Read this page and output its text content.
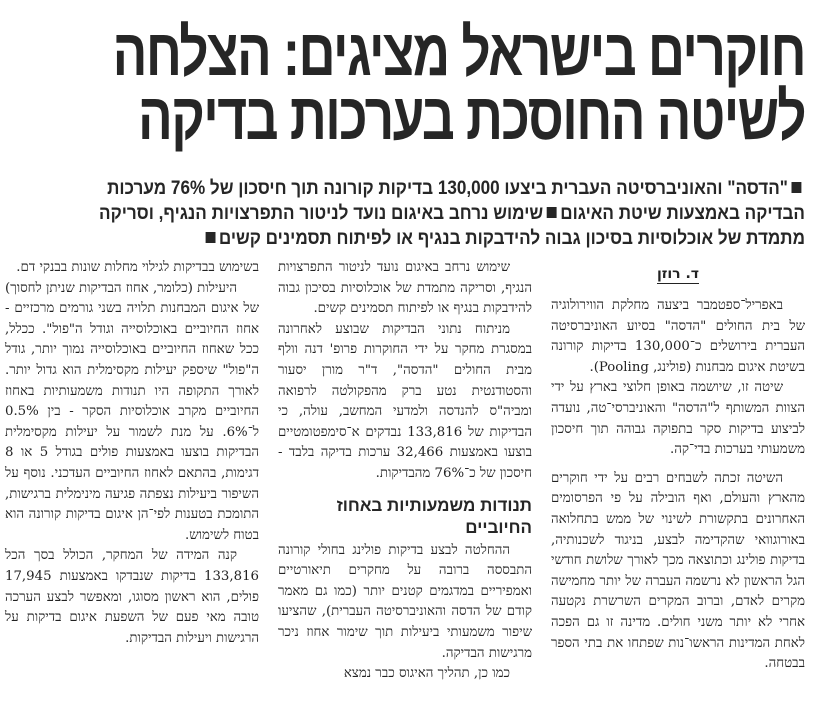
חוקרים בישראל מציגים: הצלחה
לשיטה החוסכת בערכות בדיקה
"הדסה" והאוניברסיטה העברית ביצעו 130,000 בדיקות קורונה תוך חיסכון של 76% מערכות
הבדיקה באמצעות שיטת האיגוםשימוש נרחב באיגום נועד לניטור התפרצויות הנגיף, וסריקה
מתמדת של אוכלוסיות בסיכון גבוה להידבקות בנגיף או לפיתוח תסמינים קשים
ד. רוזן

באפריל־ספטמבר ביצעה מחלקת הווירולוגיה של בית החולים "הדסה" בסיוע האוניברסיטה העברית בירושלים כ־130,000 בדיקות קורונה בשיטת איגום מבחנות (פולינג, Pooling).

שיטה זו, שיושמה באופן חלוצי בארץ על ידי הצוות המשותף ל"הדסה" והאוניברסי־טה, נועדה לביצוע בדיקות סקר בתפוקה גבוהה תוך חיסכון משמעותי בערכות בדי־קה.

השיטה זכתה לשבחים רבים על ידי חוקרים מהארץ והעולם, ואף הובילה על פי הפרסומים האחרונים בתקשורת לשינוי של ממש בתחלואה באורוגוואי שהקדימה לבצע, בניגוד לשכנותיה, בדיקות פולינג וכתוצאה מכך לאורך שלושת חודשי הגל הראשון לא נרשמה העברה של יותר מחמישה מקרים לאדם, וברוב המקרים השרשרת נקטעה אחרי לא יותר משני חולים. מדינה זו גם הפכה לאחת המדינות הראשו־נות שפתחו את בתי הספר בבטחה.

שימוש נרחב באיגום נועד לניטור התפרצויות הנגיף, וסריקה מתמדת של אוכלוסיות בסיכון גבוה להידבקות בנגיף או לפיתוח תסמינים קשים.

מניתוח נתוני הבדיקות שבוצע לאחרונה במסגרת מחקר על ידי החוקרות פרופ' דנה וולף מבית החולים "הדסה", ד"ר מורן יסעור והסטודנטית נטע ברק מהפקולטה לרפואה ומביה"ס להנדסה ולמדעי המחשב, עולה, כי הבדיקות של 133,816 נבדקים א־סימפטומטיים בוצעו באמצעות 32,466 ערכות בדיקה בלבד - חיסכון של כ־76% מהבדיקות.

תנודות משמעותיות באחוז החיוביים

ההחלטה לבצע בדיקות פולינג בחולי קורונה התבססה ברובה על מחקרים תיאורטיים ואמפיריים במדגמים קטנים יותר (כמו גם מאמר קודם של הדסה והאוניברסיטה העברית), שהציעו שיפור משמעותי ביעילות תוך שימור אחוז ניכר מרגישות הבדיקה.

כמו כן, תהליך האיגוס כבר נמצא

בשימוש בבדיקות לגילוי מחלות שונות בבנקי דם.

היעילות (כלומר, אחוז הבדיקות שניתן לחסוך) של איגום המבחנות תלויה בשני גורמים מרכזיים - אחוז החיוביים באוכלוסייה וגודל ה"פול". ככלל, ככל שאחוז החיוביים באוכלוסייה נמוך יותר, גודל ה"פול" שיספק יעילות מקסימלית הוא גדול יותר. לאורך התקופה היו תנודות משמעותיות באחוז החיוביים מקרב אוכלוסיות הסקר - בין 0.5% ל־6%. על מנת לשמור על יעילות מקסימלית הבדיקות בוצעו באמצעות פולים בגודל 5 או 8 דגימות, בהתאם לאחוז החיוביים העדכני. נוסף על השיפור ביעילות נצפתה פגיעה מינימלית ברגישות, התומכת בטענות לפי־הן איגום בדיקות קורונה הוא בטוח לשימוש.

קנה המידה של המחקר, הכולל בסך הכל 133,816 בדיקות שנבדקו באמצעות 17,945 פולים, הוא ראשון מסוגו, ומאפשר לבצע הערכה טובה מאי פעם של השפעת איגום בדיקות על הרגישות ויעילות הבדיקות.
